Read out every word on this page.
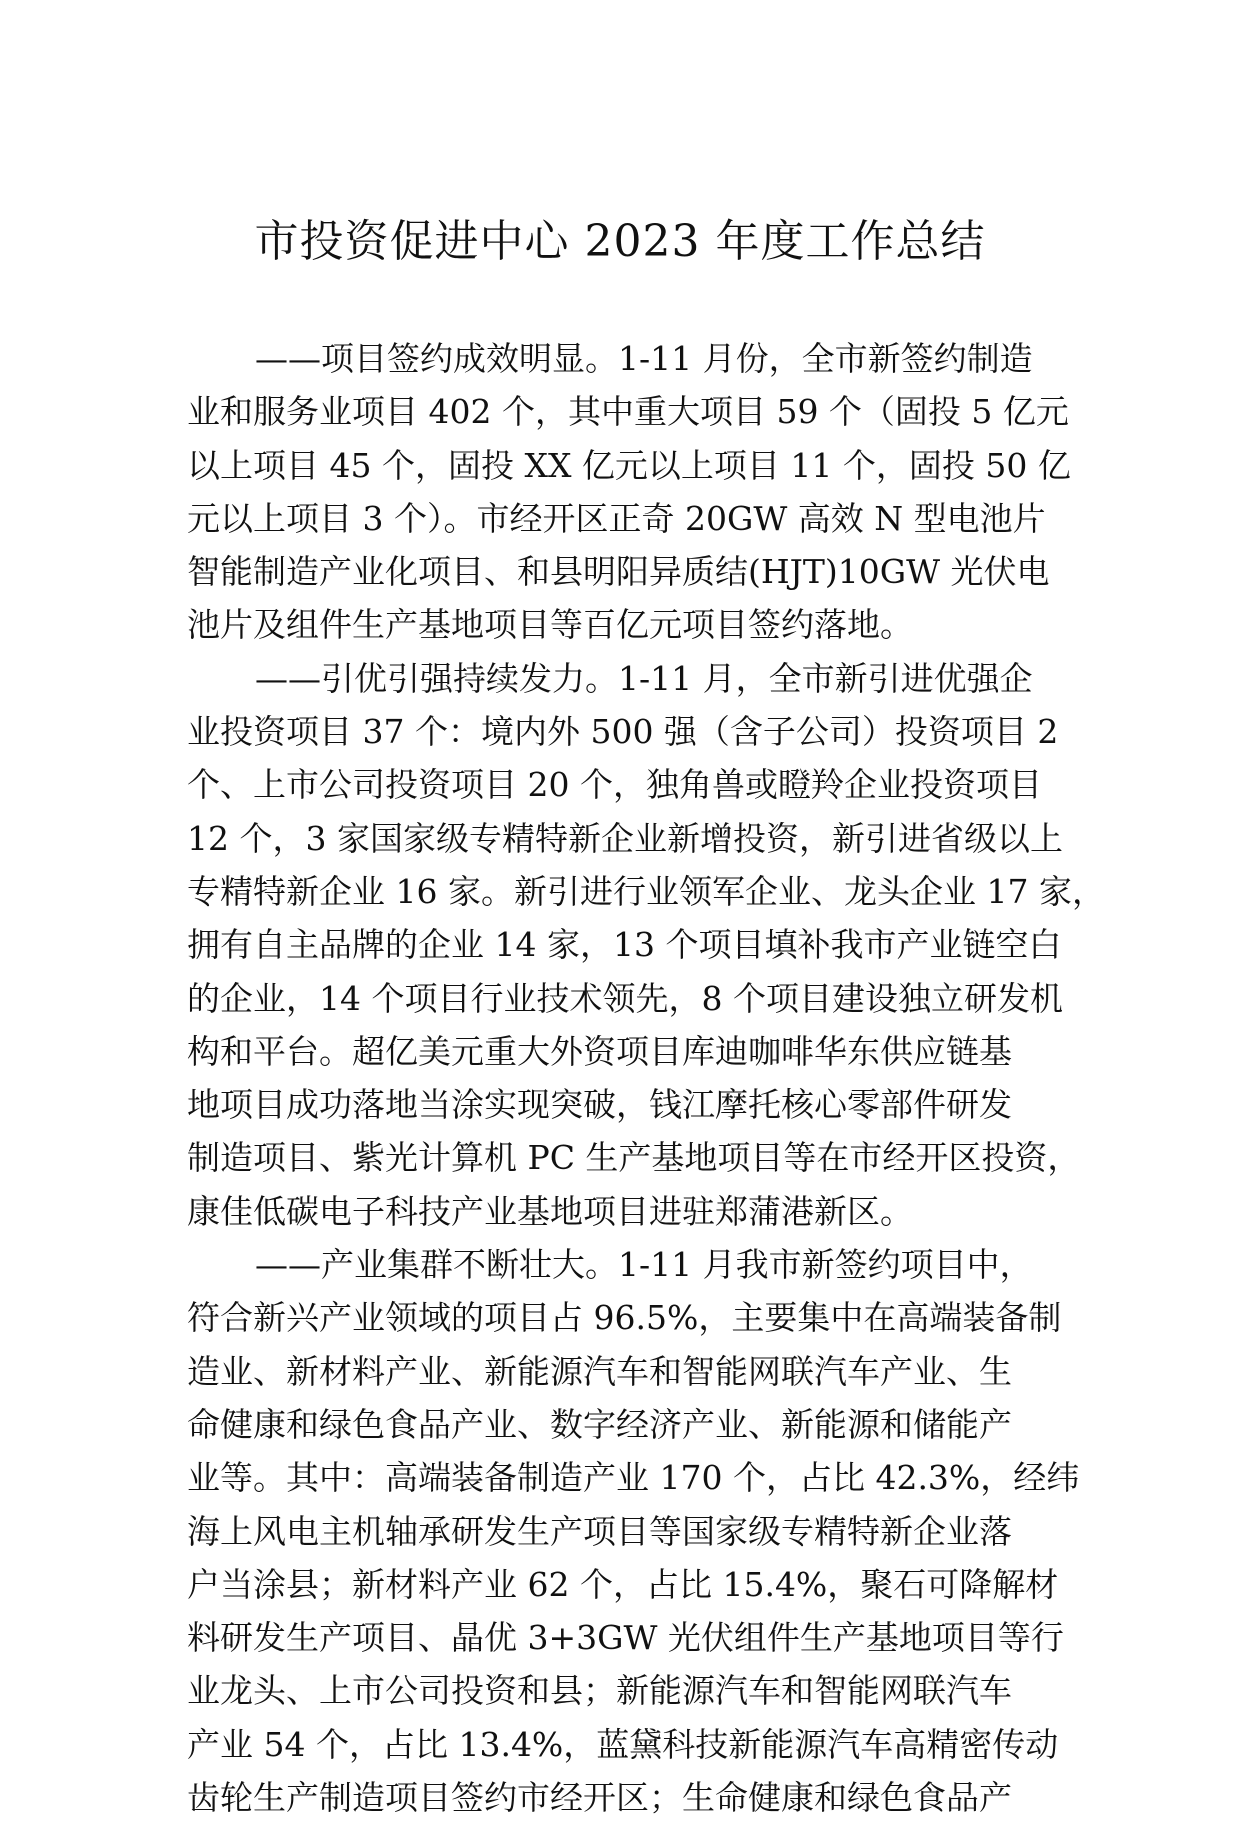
市投资促进中心 2023 年度工作总结
——项目签约成效明显。1-11 月份，全市新签约制造
业和服务业项目 402 个，其中重大项目 59 个（固投 5 亿元
以上项目 45 个，固投 XX 亿元以上项目 11 个，固投 50 亿
元以上项目 3 个）。市经开区正奇 20GW 高效 N 型电池片
智能制造产业化项目、和县明阳异质结(HJT)10GW 光伏电
池片及组件生产基地项目等百亿元项目签约落地。
——引优引强持续发力。1-11 月，全市新引进优强企
业投资项目 37 个：境内外 500 强（含子公司）投资项目 2
个、上市公司投资项目 20 个，独角兽或瞪羚企业投资项目
12 个，3 家国家级专精特新企业新增投资，新引进省级以上
专精特新企业 16 家。新引进行业领军企业、龙头企业 17 家，
拥有自主品牌的企业 14 家，13 个项目填补我市产业链空白
的企业，14 个项目行业技术领先，8 个项目建设独立研发机
构和平台。超亿美元重大外资项目库迪咖啡华东供应链基
地项目成功落地当涂实现突破，钱江摩托核心零部件研发
制造项目、紫光计算机 PC 生产基地项目等在市经开区投资，
康佳低碳电子科技产业基地项目进驻郑蒲港新区。
——产业集群不断壮大。1-11 月我市新签约项目中，
符合新兴产业领域的项目占 96.5%，主要集中在高端装备制
造业、新材料产业、新能源汽车和智能网联汽车产业、生
命健康和绿色食品产业、数字经济产业、新能源和储能产
业等。其中：高端装备制造产业 170 个，占比 42.3%，经纬
海上风电主机轴承研发生产项目等国家级专精特新企业落
户当涂县；新材料产业 62 个，占比 15.4%，聚石可降解材
料研发生产项目、晶优 3+3GW 光伏组件生产基地项目等行
业龙头、上市公司投资和县；新能源汽车和智能网联汽车
产业 54 个，占比 13.4%，蓝黛科技新能源汽车高精密传动
齿轮生产制造项目签约市经开区；生命健康和绿色食品产
